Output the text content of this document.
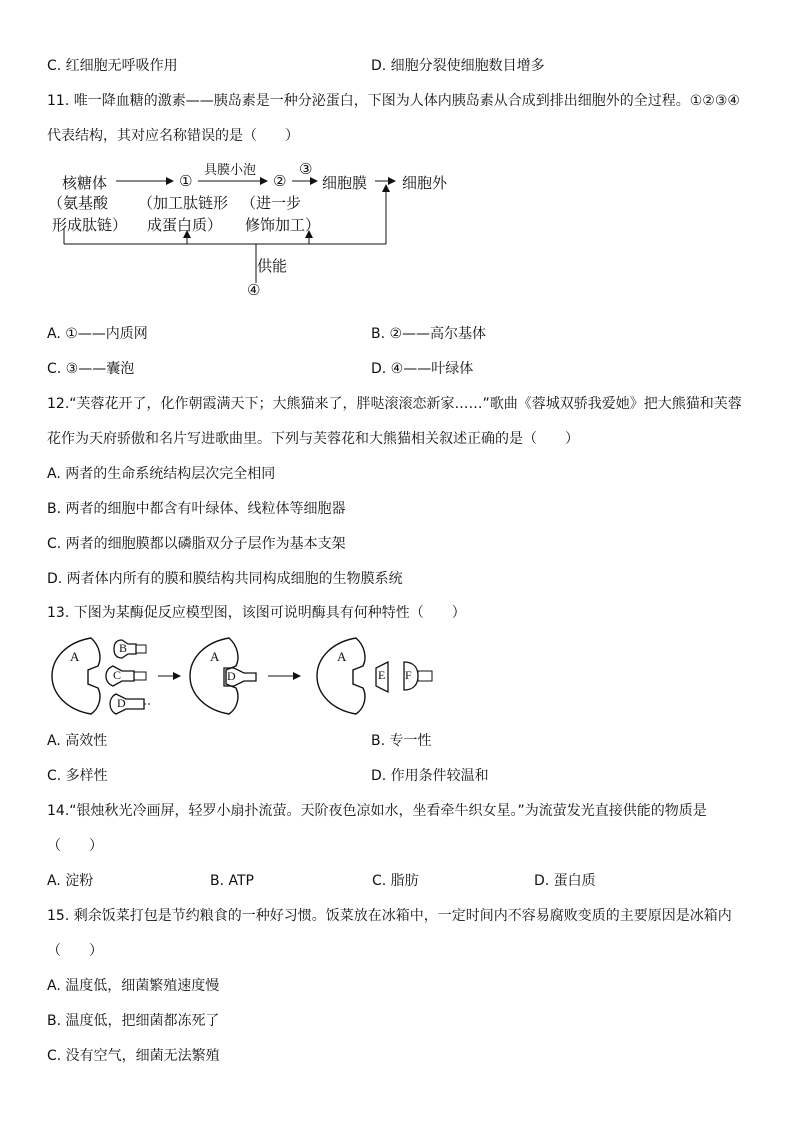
C. 红细胞无呼吸作用	D. 细胞分裂使细胞数目增多
11. 唯一降血糖的激素——胰岛素是一种分泌蛋白，下图为人体内胰岛素从合成到排出细胞外的全过程。①②③④
代表结构，其对应名称错误的是（　　）
核糖体
（氨基酸
形成肽链）
①
（加工肽链形
成蛋白质）
具膜小泡
②
（进一步
修饰加工）
③
细胞膜 细胞外
供能
④
A. ①——内质网	B. ②——高尔基体
C. ③——囊泡	D. ④——叶绿体
12.“芙蓉花开了，化作朝霞满天下；大熊猫来了，胖哒滚滚恋新家……”歌曲《蓉城双骄我爱她》把大熊猫和芙蓉
花作为天府骄傲和名片写进歌曲里。下列与芙蓉花和大熊猫相关叙述正确的是（　　）
A. 两者的生命系统结构层次完全相同
B. 两者的细胞中都含有叶绿体、线粒体等细胞器
C. 两者的细胞膜都以磷脂双分子层作为基本支架
D. 两者体内所有的膜和膜结构共同构成细胞的生物膜系统
13. 下图为某酶促反应模型图，该图可说明酶具有何种特性（　　）
A
B
C
D
A
D
A
E F
A. 高效性	B. 专一性
C. 多样性	D. 作用条件较温和
14.“银烛秋光冷画屏，轻罗小扇扑流萤。天阶夜色凉如水，坐看牵牛织女星。”为流萤发光直接供能的物质是
（　　）
A. 淀粉	B. ATP	C. 脂肪	D. 蛋白质
15. 剩余饭菜打包是节约粮食的一种好习惯。饭菜放在冰箱中，一定时间内不容易腐败变质的主要原因是冰箱内
（　　）
A. 温度低，细菌繁殖速度慢
B. 温度低，把细菌都冻死了
C. 没有空气，细菌无法繁殖
